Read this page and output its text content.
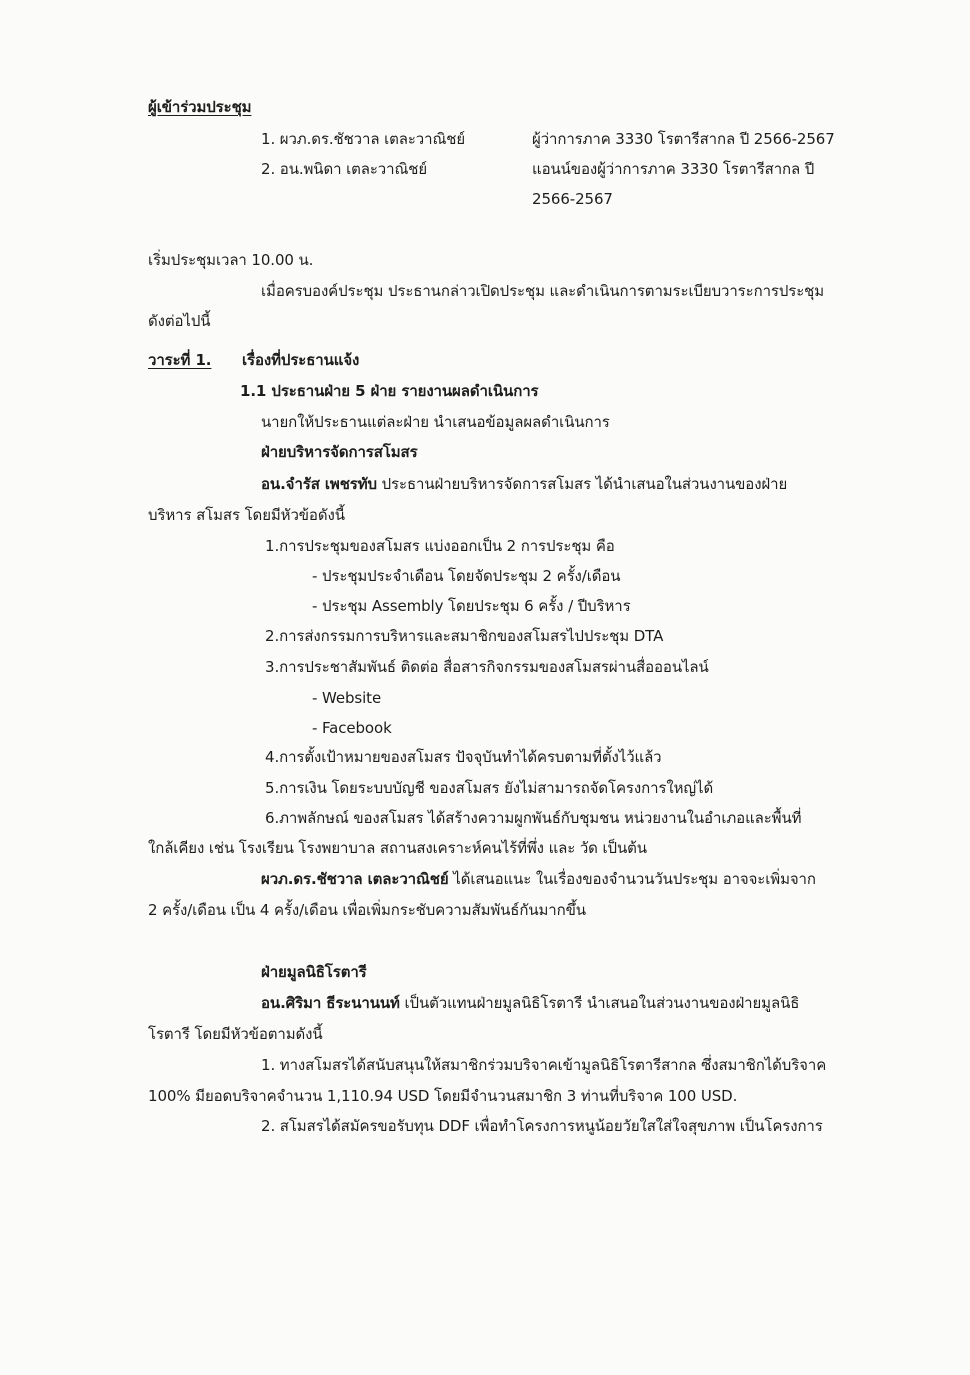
ผู้เข้าร่วมประชุม

1. ผวภ.ดร.ชัชวาล เตละวาณิชย์	ผู้ว่าการภาค 3330 โรตารีสากล ปี 2566-2567

2. อน.พนิดา เตละวาณิชย์	แอนน์ของผู้ว่าการภาค 3330 โรตารีสากล ปี

2566-2567

เริ่มประชุมเวลา 10.00 น.

เมื่อครบองค์ประชุม ประธานกล่าวเปิดประชุม และดำเนินการตามระเบียบวาระการประชุม

ดังต่อไปนี้

วาระที่ 1. เรื่องที่ประธานแจ้ง

1.1 ประธานฝ่าย 5 ฝ่าย รายงานผลดำเนินการ

นายกให้ประธานแต่ละฝ่าย นำเสนอข้อมูลผลดำเนินการ

ฝ่ายบริหารจัดการสโมสร

อน.จำรัส เพชรทับ ประธานฝ่ายบริหารจัดการสโมสร ได้นำเสนอในส่วนงานของฝ่าย

บริหาร สโมสร โดยมีหัวข้อดังนี้

1.การประชุมของสโมสร แบ่งออกเป็น 2 การประชุม คือ

- ประชุมประจำเดือน โดยจัดประชุม 2 ครั้ง/เดือน

- ประชุม Assembly โดยประชุม 6 ครั้ง / ปีบริหาร

2.การส่งกรรมการบริหารและสมาชิกของสโมสรไปประชุม DTA

3.การประชาสัมพันธ์ ติดต่อ สื่อสารกิจกรรมของสโมสรผ่านสื่อออนไลน์

- Website

- Facebook

4.การตั้งเป้าหมายของสโมสร ปัจจุบันทำได้ครบตามที่ตั้งไว้แล้ว

5.การเงิน โดยระบบบัญชี ของสโมสร ยังไม่สามารถจัดโครงการใหญ่ได้

6.ภาพลักษณ์ ของสโมสร ได้สร้างความผูกพันธ์กับชุมชน หน่วยงานในอำเภอและพื้นที่

ใกล้เคียง เช่น โรงเรียน โรงพยาบาล สถานสงเคราะห์คนไร้ที่พึ่ง และ วัด เป็นต้น

ผวภ.ดร.ชัชวาล เตละวาณิชย์ ได้เสนอแนะ ในเรื่องของจำนวนวันประชุม อาจจะเพิ่มจาก

2 ครั้ง/เดือน เป็น 4 ครั้ง/เดือน เพื่อเพิ่มกระชับความสัมพันธ์กันมากขึ้น

ฝ่ายมูลนิธิโรตารี

อน.ศิริมา ธีระนานนท์ เป็นตัวแทนฝ่ายมูลนิธิโรตารี นำเสนอในส่วนงานของฝ่ายมูลนิธิ

โรตารี โดยมีหัวข้อตามดังนี้

1. ทางสโมสรได้สนับสนุนให้สมาชิกร่วมบริจาคเข้ามูลนิธิโรตารีสากล ซึ่งสมาชิกได้บริจาค

100% มียอดบริจาคจำนวน 1,110.94 USD โดยมีจำนวนสมาชิก 3 ท่านที่บริจาค 100 USD.

2. สโมสรได้สมัครขอรับทุน DDF เพื่อทำโครงการหนูน้อยวัยใสใส่ใจสุขภาพ เป็นโครงการ
